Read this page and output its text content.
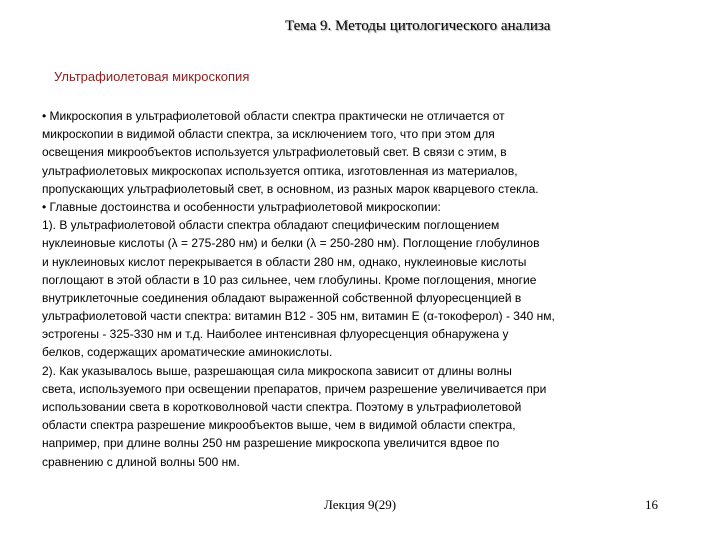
Тема 9. Методы цитологического анализа
Ультрафиолетовая микроскопия
• Микроскопия в ультрафиолетовой области спектра практически не отличается от
микроскопии в видимой области спектра, за исключением того, что при этом для
освещения микрообъектов используется ультрафиолетовый свет. В связи с этим, в
ультрафиолетовых микроскопах используется оптика, изготовленная из материалов,
пропускающих ультрафиолетовый свет, в основном, из разных марок кварцевого стекла.
• Главные достоинства и особенности ультрафиолетовой микроскопии:
1). В ультрафиолетовой области спектра обладают специфическим поглощением
нуклеиновые кислоты (λ = 275-280 нм) и белки (λ = 250-280 нм). Поглощение глобулинов
и нуклеиновых кислот перекрывается в области 280 нм, однако, нуклеиновые кислоты
поглощают в этой области в 10 раз сильнее, чем глобулины. Кроме поглощения, многие
внутриклеточные соединения обладают выраженной собственной флуоресценцией в
ультрафиолетовой части спектра: витамин В12 - 305 нм, витамин Е (α-токоферол) - 340 нм,
эстрогены - 325-330 нм и т.д. Наиболее интенсивная флуоресценция обнаружена у
белков, содержащих ароматические аминокислоты.
2). Как указывалось выше, разрешающая сила микроскопа зависит от длины волны
света, используемого при освещении препаратов, причем разрешение увеличивается при
использовании света в коротковолновой части спектра. Поэтому в ультрафиолетовой
области спектра разрешение микрообъектов выше, чем в видимой области спектра,
например, при длине волны 250 нм разрешение микроскопа увеличится вдвое по
сравнению с длиной волны 500 нм.
Лекция 9(29)	16
